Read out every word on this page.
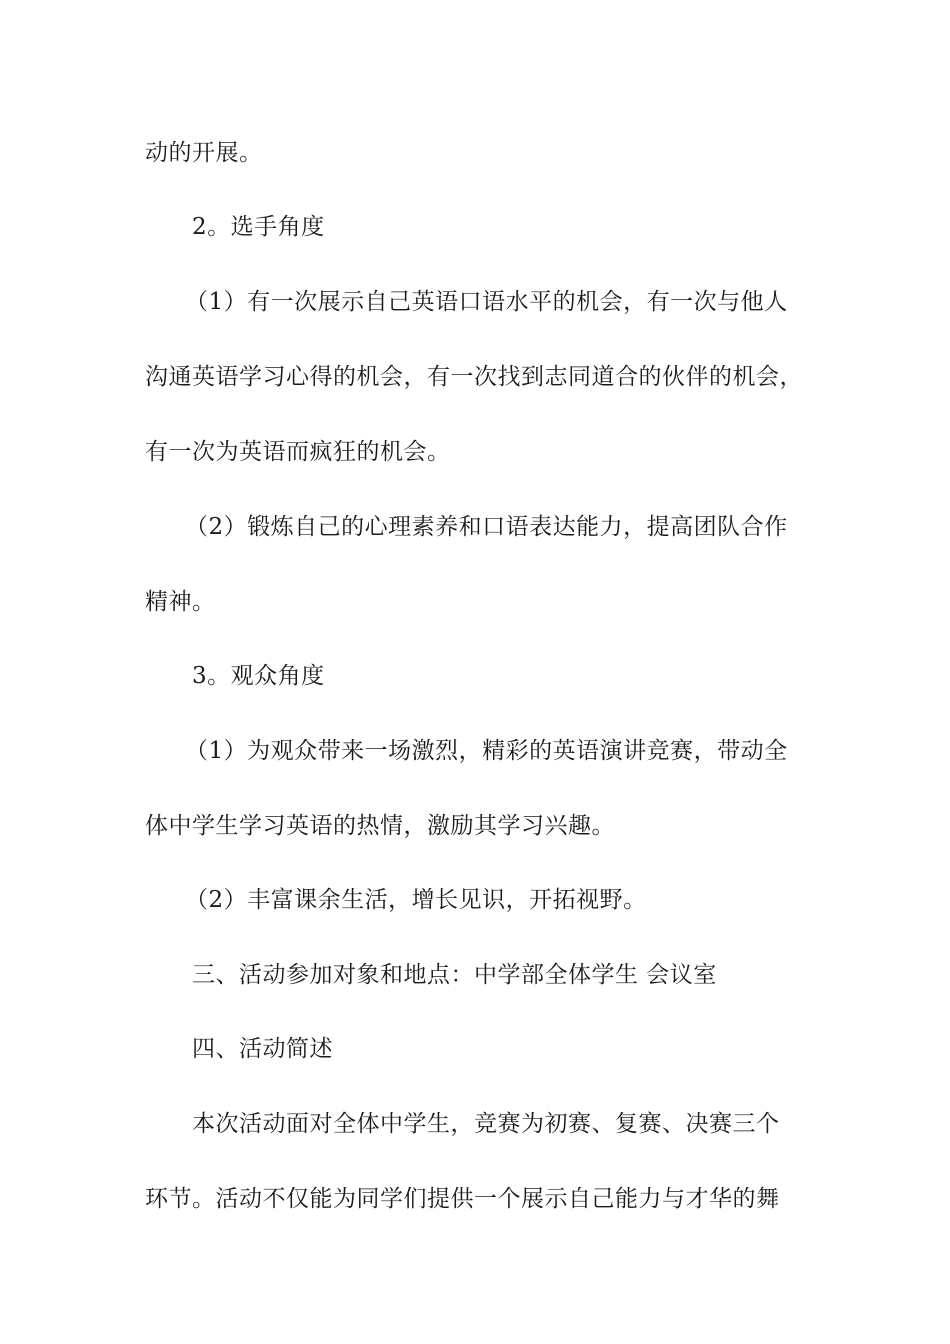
动的开展。
2。选手角度
（1）有一次展示自己英语口语水平的机会，有一次与他人
沟通英语学习心得的机会，有一次找到志同道合的伙伴的机会，
有一次为英语而疯狂的机会。
（2）锻炼自己的心理素养和口语表达能力，提高团队合作
精神。
3。观众角度
（1）为观众带来一场激烈，精彩的英语演讲竞赛，带动全
体中学生学习英语的热情，激励其学习兴趣。
（2）丰富课余生活，增长见识，开拓视野。
三、活动参加对象和地点：中学部全体学生 会议室
四、活动简述
本次活动面对全体中学生，竞赛为初赛、复赛、决赛三个
环节。活动不仅能为同学们提供一个展示自己能力与才华的舞
